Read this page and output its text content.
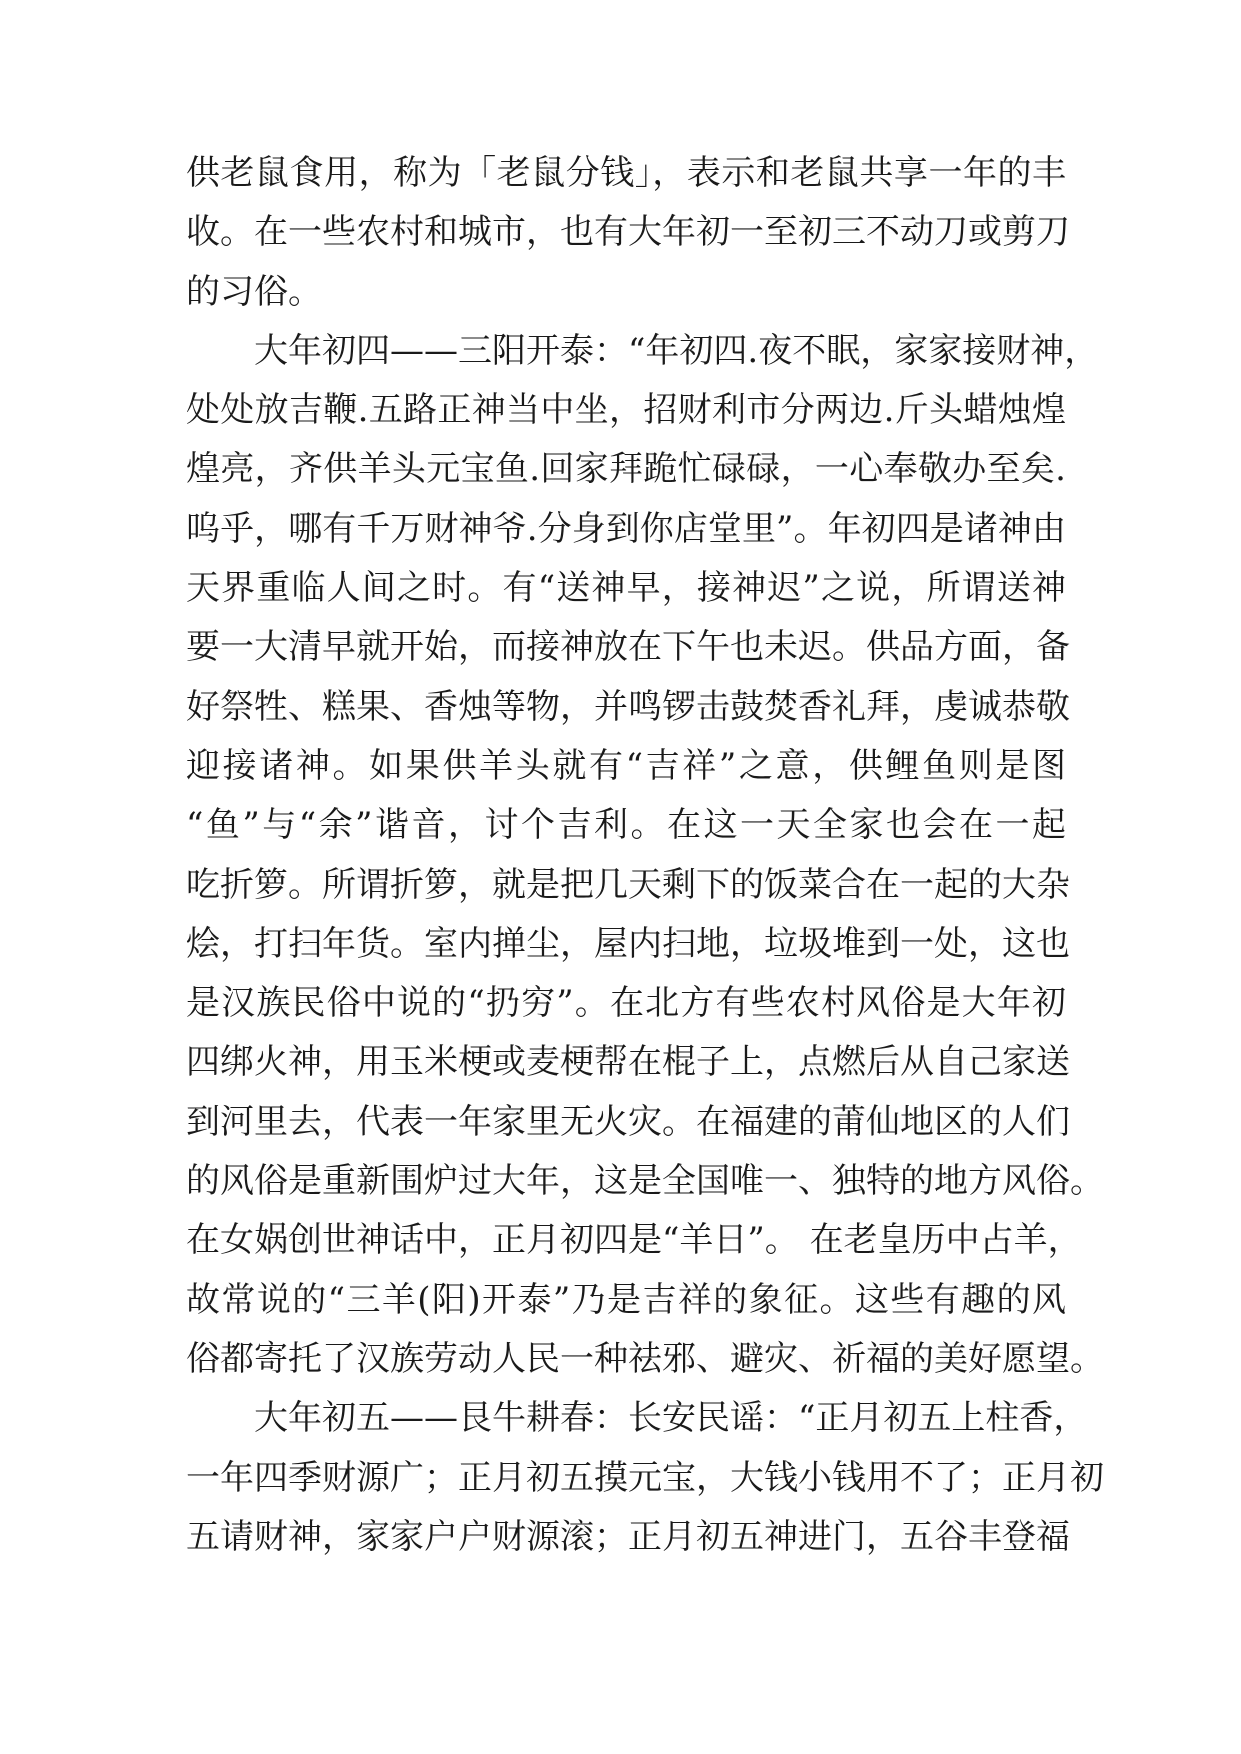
供老鼠食用，称为「老鼠分钱」，表示和老鼠共享一年的丰
收。在一些农村和城市，也有大年初一至初三不动刀或剪刀
的习俗。
大年初四——三阳开泰：“年初四.夜不眠，家家接财神，
处处放吉鞭.五路正神当中坐，招财利市分两边.斤头蜡烛煌
煌亮，齐供羊头元宝鱼.回家拜跪忙碌碌，一心奉敬办至矣.
呜乎，哪有千万财神爷.分身到你店堂里”。年初四是诸神由
天界重临人间之时。有“送神早，接神迟”之说，所谓送神
要一大清早就开始，而接神放在下午也未迟。供品方面，备
好祭牲、糕果、香烛等物，并鸣锣击鼓焚香礼拜，虔诚恭敬
迎接诸神。如果供羊头就有“吉祥”之意，供鲤鱼则是图
“鱼”与“余”谐音，讨个吉利。在这一天全家也会在一起
吃折箩。所谓折箩，就是把几天剩下的饭菜合在一起的大杂
烩，打扫年货。室内掸尘，屋内扫地，垃圾堆到一处，这也
是汉族民俗中说的“扔穷”。在北方有些农村风俗是大年初
四绑火神，用玉米梗或麦梗帮在棍子上，点燃后从自己家送
到河里去，代表一年家里无火灾。在福建的莆仙地区的人们
的风俗是重新围炉过大年，这是全国唯一、独特的地方风俗。
在女娲创世神话中，正月初四是“羊日”。 在老皇历中占羊，
故常说的“三羊(阳)开泰”乃是吉祥的象征。这些有趣的风
俗都寄托了汉族劳动人民一种祛邪、避灾、祈福的美好愿望。
大年初五——艮牛耕春：长安民谣：“正月初五上柱香，
一年四季财源广；正月初五摸元宝，大钱小钱用不了；正月初
五请财神，家家户户财源滚；正月初五神进门，五谷丰登福
